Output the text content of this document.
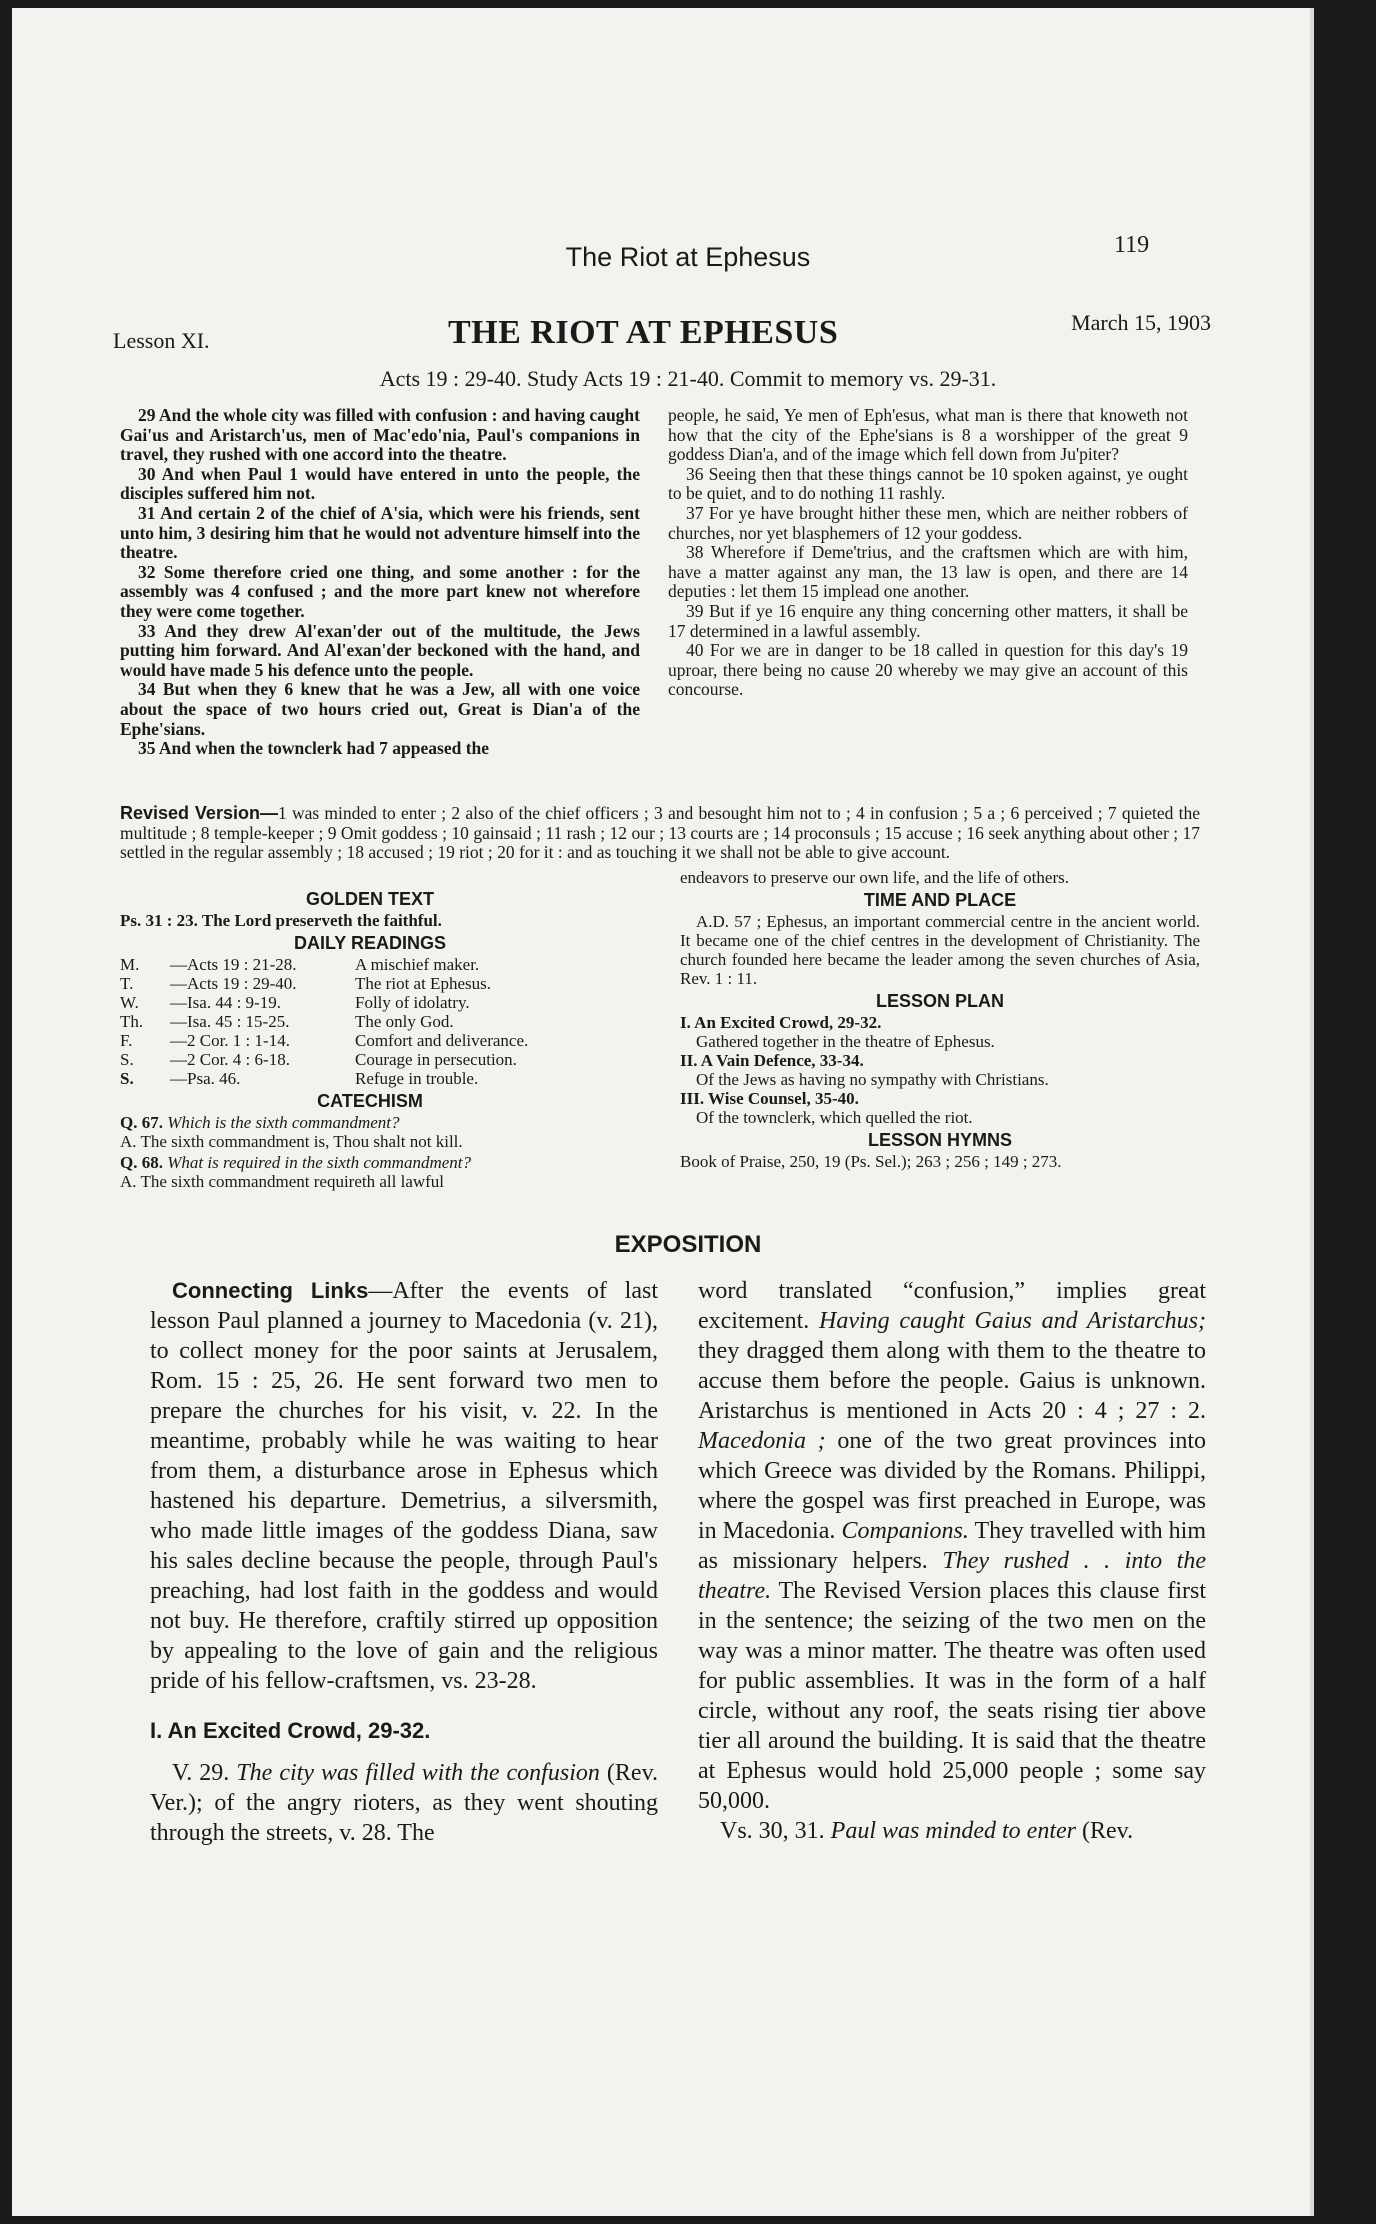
The Riot at Ephesus	119
Lesson XI.	THE RIOT AT EPHESUS	March 15, 1903
Acts 19 : 29-40. Study Acts 19 : 21-40. Commit to memory vs. 29-31.

29 And the whole city was filled with confusion : and having caught Gai'us and Aristarch'us, men of Mac'edo'nia, Paul's companions in travel, they rushed with one accord into the theatre.

30 And when Paul 1 would have entered in unto the people, the disciples suffered him not.

31 And certain 2 of the chief of A'sia, which were his friends, sent unto him, 3 desiring him that he would not adventure himself into the theatre.

32 Some therefore cried one thing, and some another : for the assembly was 4 confused ; and the more part knew not wherefore they were come together.

33 And they drew Al'exan'der out of the multitude, the Jews putting him forward. And Al'exan'der beckoned with the hand, and would have made 5 his defence unto the people.

34 But when they 6 knew that he was a Jew, all with one voice about the space of two hours cried out, Great is Dian'a of the Ephe'sians.

35 And when the townclerk had 7 appeased the

people, he said, Ye men of Eph'esus, what man is there that knoweth not how that the city of the Ephe'sians is 8 a worshipper of the great 9 goddess Dian'a, and of the image which fell down from Ju'piter?

36 Seeing then that these things cannot be 10 spoken against, ye ought to be quiet, and to do nothing 11 rashly.

37 For ye have brought hither these men, which are neither robbers of churches, nor yet blasphemers of 12 your goddess.

38 Wherefore if Deme'trius, and the craftsmen which are with him, have a matter against any man, the 13 law is open, and there are 14 deputies : let them 15 implead one another.

39 But if ye 16 enquire any thing concerning other matters, it shall be 17 determined in a lawful assembly.

40 For we are in danger to be 18 called in question for this day's 19 uproar, there being no cause 20 whereby we may give an account of this concourse.

Revised Version—1 was minded to enter ; 2 also of the chief officers ; 3 and besought him not to ; 4 in confusion ; 5 a ; 6 perceived ; 7 quieted the multitude ; 8 temple-keeper ; 9 Omit goddess ; 10 gainsaid ; 11 rash ; 12 our ; 13 courts are ; 14 proconsuls ; 15 accuse ; 16 seek anything about other ; 17 settled in the regular assembly ; 18 accused ; 19 riot ; 20 for it : and as touching it we shall not be able to give account.
GOLDEN TEXT
Ps. 31 : 23. The Lord preserveth the faithful.
DAILY READINGS
M.	—Acts 19 : 21-28.	A mischief maker.
T.	—Acts 19 : 29-40.	The riot at Ephesus.
W.	—Isa. 44 : 9-19.	Folly of idolatry.
Th.	—Isa. 45 : 15-25.	The only God.
F.	—2 Cor. 1 : 1-14.	Comfort and deliverance.
S.	—2 Cor. 4 : 6-18.	Courage in persecution.
S.	—Psa. 46.	Refuge in trouble.
CATECHISM
Q. 67. Which is the sixth commandment?
A. The sixth commandment is, Thou shalt not kill.
Q. 68. What is required in the sixth commandment?
A. The sixth commandment requireth all lawful
endeavors to preserve our own life, and the life of others.
TIME AND PLACE
A.D. 57 ; Ephesus, an important commercial centre in the ancient world. It became one of the chief centres in the development of Christianity. The church founded here became the leader among the seven churches of Asia, Rev. 1 : 11.
LESSON PLAN
I. An Excited Crowd, 29-32.
Gathered together in the theatre of Ephesus.
II. A Vain Defence, 33-34.
Of the Jews as having no sympathy with Christians.
III. Wise Counsel, 35-40.
Of the townclerk, which quelled the riot.
LESSON HYMNS
Book of Praise, 250, 19 (Ps. Sel.); 263 ; 256 ; 149 ; 273.
EXPOSITION

Connecting Links—After the events of last lesson Paul planned a journey to Macedonia (v. 21), to collect money for the poor saints at Jerusalem, Rom. 15 : 25, 26. He sent forward two men to prepare the churches for his visit, v. 22. In the meantime, probably while he was waiting to hear from them, a disturbance arose in Ephesus which hastened his departure. Demetrius, a silversmith, who made little images of the goddess Diana, saw his sales decline because the people, through Paul's preaching, had lost faith in the goddess and would not buy. He therefore, craftily stirred up opposition by appealing to the love of gain and the religious pride of his fellow-craftsmen, vs. 23-28.

I. An Excited Crowd, 29-32.

V. 29. The city was filled with the confusion (Rev. Ver.); of the angry rioters, as they went shouting through the streets, v. 28. The

word translated “confusion,” implies great excitement. Having caught Gaius and Aristarchus; they dragged them along with them to the theatre to accuse them before the people. Gaius is unknown. Aristarchus is mentioned in Acts 20 : 4 ; 27 : 2. Macedonia ; one of the two great provinces into which Greece was divided by the Romans. Philippi, where the gospel was first preached in Europe, was in Macedonia. Companions. They travelled with him as missionary helpers. They rushed . . into the theatre. The Revised Version places this clause first in the sentence; the seizing of the two men on the way was a minor matter. The theatre was often used for public assemblies. It was in the form of a half circle, without any roof, the seats rising tier above tier all around the building. It is said that the theatre at Ephesus would hold 25,000 people ; some say 50,000.

Vs. 30, 31. Paul was minded to enter (Rev.
